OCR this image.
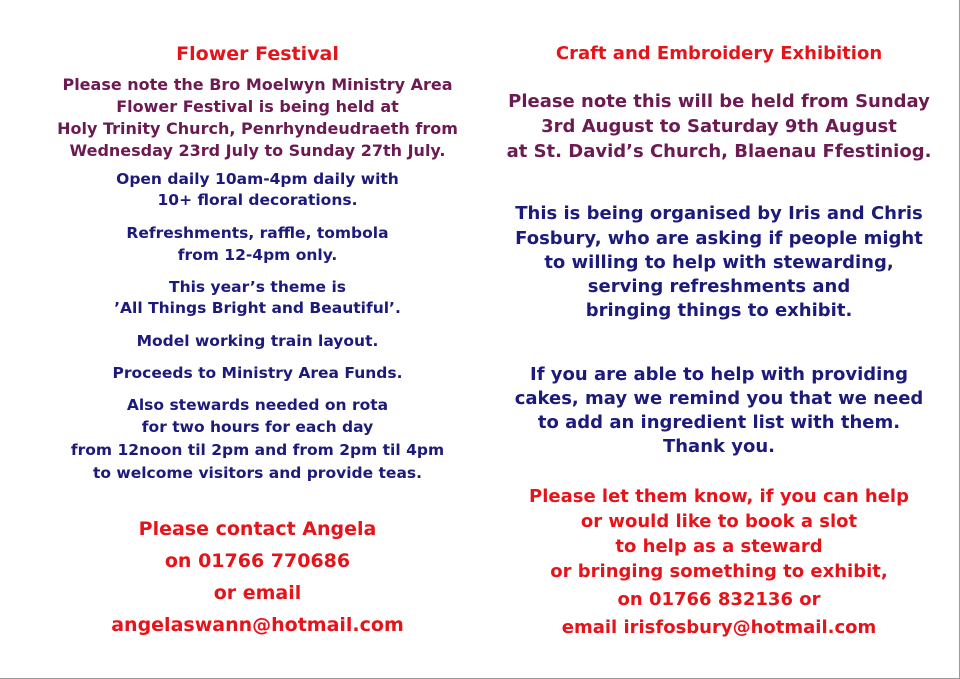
Flower Festival
Please note the Bro Moelwyn Ministry Area
Flower Festival is being held at
Holy Trinity Church, Penrhyndeudraeth from
Wednesday 23rd July to Sunday 27th July.
Open daily 10am-4pm daily with
10+ floral decorations.
Refreshments, raffle, tombola
from 12-4pm only.
This year’s theme is
’All Things Bright and Beautiful’.
Model working train layout.
Proceeds to Ministry Area Funds.
Also stewards needed on rota
for two hours for each day
from 12noon til 2pm and from 2pm til 4pm
to welcome visitors and provide teas.
Please contact Angela
on 01766 770686
or email
angelaswann@hotmail.com
Craft and Embroidery Exhibition
Please note this will be held from Sunday
3rd August to Saturday 9th August
at St. David’s Church, Blaenau Ffestiniog.
This is being organised by Iris and Chris
Fosbury, who are asking if people might
to willing to help with stewarding,
serving refreshments and
bringing things to exhibit.
If you are able to help with providing
cakes, may we remind you that we need
to add an ingredient list with them.
Thank you.
Please let them know, if you can help
or would like to book a slot
to help as a steward
or bringing something to exhibit,
on 01766 832136 or
email irisfosbury@hotmail.com
